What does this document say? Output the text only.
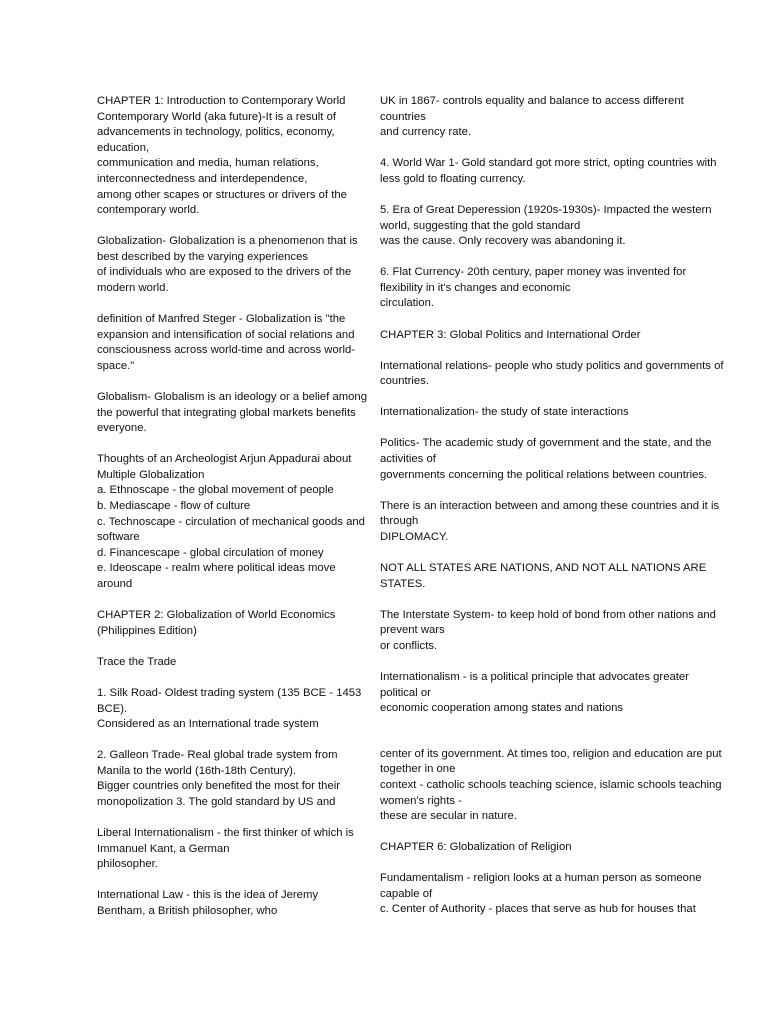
CHAPTER 1: Introduction to Contemporary World
Contemporary World (aka future)-It is a result of advancements in technology, politics, economy, education,
communication and media, human relations, interconnectedness and interdependence,
among other scapes or structures or drivers of the contemporary world.

Globalization- Globalization is a phenomenon that is best described by the varying experiences
of individuals who are exposed to the drivers of the modern world.

definition of Manfred Steger - Globalization is "the expansion and intensification of social relations and consciousness across world-time and across world-space."

Globalism- Globalism is an ideology or a belief among the powerful that integrating global markets benefits everyone.

Thoughts of an Archeologist Arjun Appadurai about Multiple Globalization
a. Ethnoscape - the global movement of people
b. Mediascape - flow of culture
c. Technoscape - circulation of mechanical goods and software
d. Financescape - global circulation of money
e. Ideoscape - realm where political ideas move around

CHAPTER 2: Globalization of World Economics (Philippines Edition)

Trace the Trade

1. Silk Road- Oldest trading system (135 BCE - 1453 BCE).
Considered as an International trade system

2. Galleon Trade- Real global trade system from Manila to the world (16th-18th Century).
Bigger countries only benefited the most for their monopolization 3. The gold standard by US and

Liberal Internationalism - the first thinker of which is Immanuel Kant, a German
philosopher.

International Law - this is the idea of Jeremy Bentham, a British philosopher, who

UK in 1867- controls equality and balance to access different countries
and currency rate.

4. World War 1- Gold standard got more strict, opting countries with less gold to floating currency.

5. Era of Great Deperession (1920s-1930s)- Impacted the western world, suggesting that the gold standard
was the cause. Only recovery was abandoning it.

6. Flat Currency- 20th century, paper money was invented for flexibility in it's changes and economic
circulation.

CHAPTER 3: Global Politics and International Order

International relations- people who study politics and governments of countries.

Internationalization- the study of state interactions

Politics- The academic study of government and the state, and the activities of
governments concerning the political relations between countries.

There is an interaction between and among these countries and it is through
DIPLOMACY.

NOT ALL STATES ARE NATIONS, AND NOT ALL NATIONS ARE STATES.

The Interstate System- to keep hold of bond from other nations and prevent wars
or conflicts.

Internationalism - is a political principle that advocates greater political or
economic cooperation among states and nations

center of its government. At times too, religion and education are put together in one
context - catholic schools teaching science, islamic schools teaching women's rights -
these are secular in nature.

CHAPTER 6: Globalization of Religion

Fundamentalism - religion looks at a human person as someone capable of
c. Center of Authority - places that serve as hub for houses that
